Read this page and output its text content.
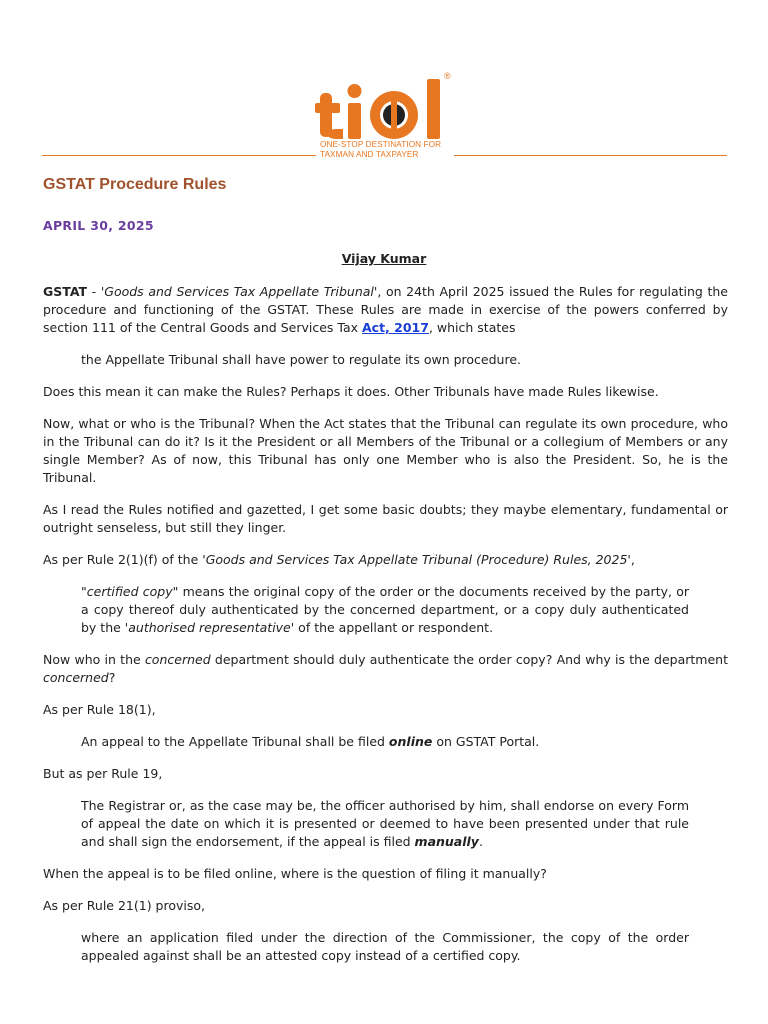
®
ONE-STOP DESTINATION FOR
TAXMAN AND TAXPAYER
GSTAT Procedure Rules
APRIL 30, 2025
Vijay Kumar

GSTAT - 'Goods and Services Tax Appellate Tribunal', on 24th April 2025 issued the Rules for regulating the procedure and functioning of the GSTAT. These Rules are made in exercise of the powers conferred by section 111 of the Central Goods and Services Tax Act, 2017, which states

the Appellate Tribunal shall have power to regulate its own procedure.

Does this mean it can make the Rules? Perhaps it does. Other Tribunals have made Rules likewise.

Now, what or who is the Tribunal? When the Act states that the Tribunal can regulate its own procedure, who in the Tribunal can do it? Is it the President or all Members of the Tribunal or a collegium of Members or any single Member? As of now, this Tribunal has only one Member who is also the President. So, he is the Tribunal.

As I read the Rules notified and gazetted, I get some basic doubts; they maybe elementary, fundamental or outright senseless, but still they linger.

As per Rule 2(1)(f) of the 'Goods and Services Tax Appellate Tribunal (Procedure) Rules, 2025',

"certified copy" means the original copy of the order or the documents received by the party, or a copy thereof duly authenticated by the concerned department, or a copy duly authenticated by the 'authorised representative' of the appellant or respondent.

Now who in the concerned department should duly authenticate the order copy? And why is the department concerned?

As per Rule 18(1),

An appeal to the Appellate Tribunal shall be filed online on GSTAT Portal.

But as per Rule 19,

The Registrar or, as the case may be, the officer authorised by him, shall endorse on every Form of appeal the date on which it is presented or deemed to have been presented under that rule and shall sign the endorsement, if the appeal is filed manually.

When the appeal is to be filed online, where is the question of filing it manually?

As per Rule 21(1) proviso,

where an application filed under the direction of the Commissioner, the copy of the order appealed against shall be an attested copy instead of a certified copy.
